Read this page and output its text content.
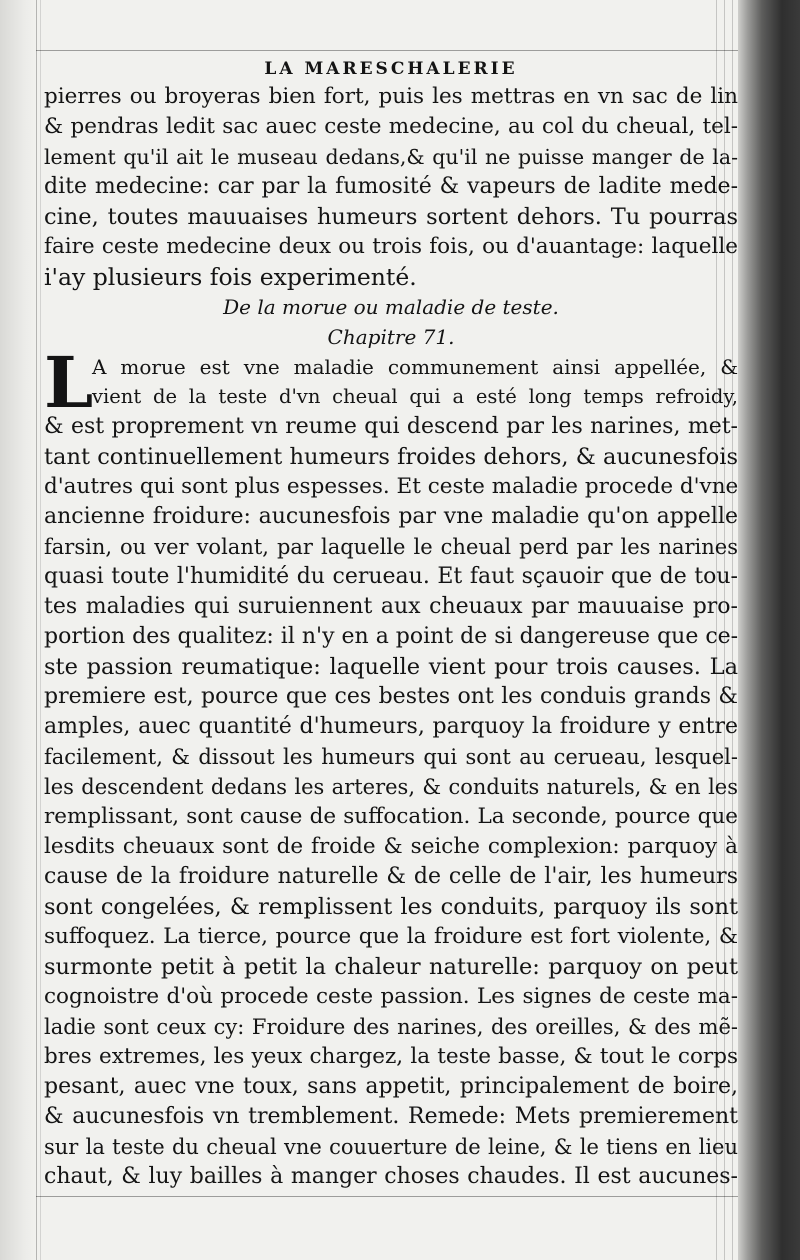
LA MARESCHALERIE
pierres ou broyeras bien fort, puis les mettras en vn sac de lin
& pendras ledit sac auec ceste medecine, au col du cheual, tel-
lement qu'il ait le museau dedans,& qu'il ne puisse manger de la-
dite medecine: car par la fumosité & vapeurs de ladite mede-
cine, toutes mauuaises humeurs sortent dehors. Tu pourras
faire ceste medecine deux ou trois fois, ou d'auantage: laquelle
i'ay plusieurs fois experimenté.
De la morue ou maladie de teste.
Chapitre 71.
L
A morue est vne maladie communement ainsi appellée, &
vient de la teste d'vn cheual qui a esté long temps refroidy,
& est proprement vn reume qui descend par les narines, met-
tant continuellement humeurs froides dehors, & aucunesfois
d'autres qui sont plus espesses. Et ceste maladie procede d'vne
ancienne froidure: aucunesfois par vne maladie qu'on appelle
farsin, ou ver volant, par laquelle le cheual perd par les narines
quasi toute l'humidité du cerueau. Et faut sçauoir que de tou-
tes maladies qui suruiennent aux cheuaux par mauuaise pro-
portion des qualitez: il n'y en a point de si dangereuse que ce-
ste passion reumatique: laquelle vient pour trois causes. La
premiere est, pource que ces bestes ont les conduis grands &
amples, auec quantité d'humeurs, parquoy la froidure y entre
facilement, & dissout les humeurs qui sont au cerueau, lesquel-
les descendent dedans les arteres, & conduits naturels, & en les
remplissant, sont cause de suffocation. La seconde, pource que
lesdits cheuaux sont de froide & seiche complexion: parquoy à
cause de la froidure naturelle & de celle de l'air, les humeurs
sont congelées, & remplissent les conduits, parquoy ils sont
suffoquez. La tierce, pource que la froidure est fort violente, &
surmonte petit à petit la chaleur naturelle: parquoy on peut
cognoistre d'où procede ceste passion. Les signes de ceste ma-
ladie sont ceux cy: Froidure des narines, des oreilles, & des mẽ-
bres extremes, les yeux chargez, la teste basse, & tout le corps
pesant, auec vne toux, sans appetit, principalement de boire,
& aucunesfois vn tremblement. Remede: Mets premierement
sur la teste du cheual vne couuerture de leine, & le tiens en lieu
chaut, & luy bailles à manger choses chaudes. Il est aucunes-
